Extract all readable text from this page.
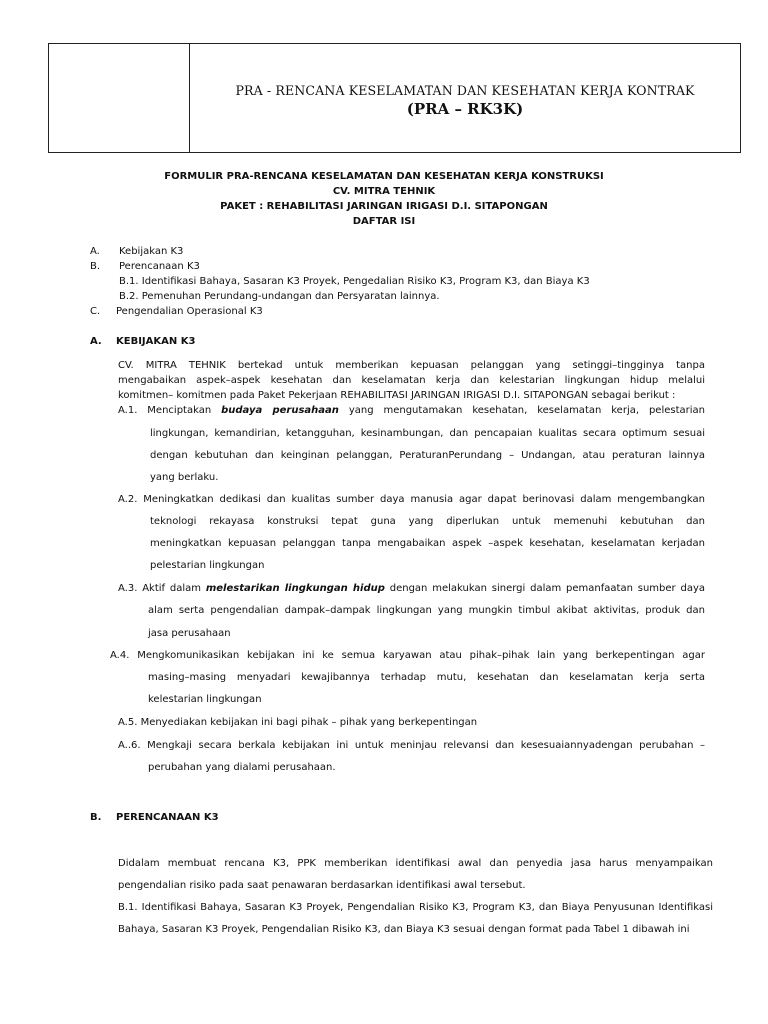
PRA - RENCANA KESELAMATAN DAN KESEHATAN KERJA KONTRAK
(PRA – RK3K)
FORMULIR PRA-RENCANA KESELAMATAN DAN KESEHATAN KERJA KONSTRUKSI
CV. MITRA TEHNIK
PAKET : REHABILITASI JARINGAN IRIGASI D.I. SITAPONGAN
DAFTAR ISI
A. Kebijakan K3
B. Perencanaan K3
B.1. Identifikasi Bahaya, Sasaran K3 Proyek, Pengedalian Risiko K3, Program K3, dan Biaya K3
B.2. Pemenuhan Perundang-undangan dan Persyaratan lainnya.
C. Pengendalian Operasional K3
A. KEBIJAKAN K3
CV. MITRA TEHNIK bertekad untuk memberikan kepuasan pelanggan yang setinggi–tingginya tanpa
mengabaikan aspek–aspek kesehatan dan keselamatan kerja dan kelestarian lingkungan hidup melalui
komitmen– komitmen pada Paket Pekerjaan REHABILITASI JARINGAN IRIGASI D.I. SITAPONGAN sebagai berikut :
A.1. Menciptakan budaya perusahaan yang mengutamakan kesehatan, keselamatan kerja, pelestarian
lingkungan, kemandirian, ketangguhan, kesinambungan, dan pencapaian kualitas secara optimum sesuai
dengan kebutuhan dan keinginan pelanggan, PeraturanPerundang – Undangan, atau peraturan lainnya
yang berlaku.
A.2. Meningkatkan dedikasi dan kualitas sumber daya manusia agar dapat berinovasi dalam mengembangkan
teknologi rekayasa konstruksi tepat guna yang diperlukan untuk memenuhi kebutuhan dan
meningkatkan kepuasan pelanggan tanpa mengabaikan aspek –aspek kesehatan, keselamatan kerjadan
pelestarian lingkungan
A.3. Aktif dalam melestarikan lingkungan hidup dengan melakukan sinergi dalam pemanfaatan sumber daya
alam serta pengendalian dampak–dampak lingkungan yang mungkin timbul akibat aktivitas, produk dan
jasa perusahaan
A.4. Mengkomunikasikan kebijakan ini ke semua karyawan atau pihak–pihak lain yang berkepentingan agar
masing–masing menyadari kewajibannya terhadap mutu, kesehatan dan keselamatan kerja serta
kelestarian lingkungan
A.5. Menyediakan kebijakan ini bagi pihak – pihak yang berkepentingan
A..6. Mengkaji secara berkala kebijakan ini untuk meninjau relevansi dan kesesuaiannyadengan perubahan –
perubahan yang dialami perusahaan.
B. PERENCANAAN K3
Didalam membuat rencana K3, PPK memberikan identifikasi awal dan penyedia jasa harus menyampaikan
pengendalian risiko pada saat penawaran berdasarkan identifikasi awal tersebut.
B.1. Identifikasi Bahaya, Sasaran K3 Proyek, Pengendalian Risiko K3, Program K3, dan Biaya Penyusunan Identifikasi
Bahaya, Sasaran K3 Proyek, Pengendalian Risiko K3, dan Biaya K3 sesuai dengan format pada Tabel 1 dibawah ini
